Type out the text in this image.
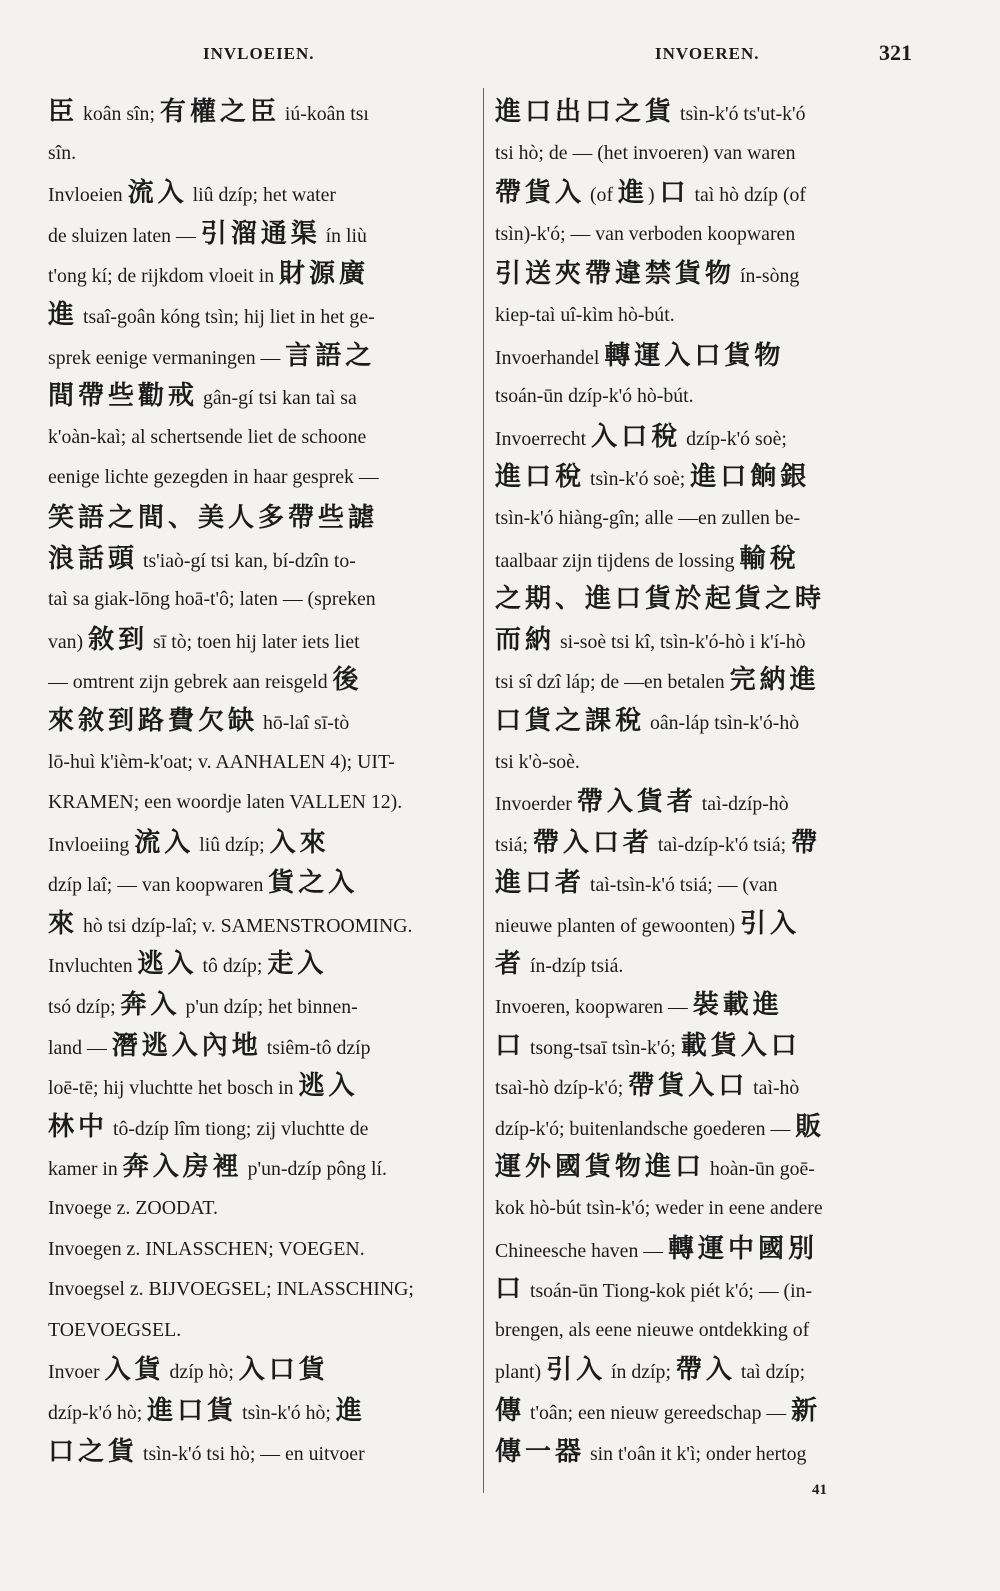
INVLOEIEN.	INVOEREN.	321
臣 koân sîn; 有權之臣 iú-koân tsı
sîn.
Invloeien 流入 liû dzíp; het water
de sluizen laten — 引溜通渠 ín liù
t'ong kí; de rijkdom vloeit in 財源廣
進 tsaî-goân kóng tsìn; hij liet in het ge-
sprek eenige vermaningen — 言語之
間帶些勸戒 gân-gí tsi kan taì sa
k'oàn-kaì; al schertsende liet de schoone
eenige lichte gezegden in haar gesprek —
笑語之間、美人多帶些謔
浪話頭 ts'iaò-gí tsi kan, bí-dzîn to-
taì sa giak-lōng hoā-t'ô; laten — (spreken
van) 敘到 sī tò; toen hij later iets liet
— omtrent zijn gebrek aan reisgeld 後
來敘到路費欠缺 hō-laî sī-tò
lō-huì k'ièm-k'oat; v. AANHALEN 4); UIT-
KRAMEN; een woordje laten VALLEN 12).
Invloeiing 流入 liû dzíp; 入來
dzíp laî; — van koopwaren 貨之入
來 hò tsi dzíp-laî; v. SAMENSTROOMING.
Invluchten 逃入 tô dzíp; 走入
tsó dzíp; 奔入 p'un dzíp; het binnen-
land — 潛逃入內地 tsiêm-tô dzíp
loē-tē; hij vluchtte het bosch in 逃入
林中 tô-dzíp lîm tiong; zij vluchtte de
kamer in 奔入房裡 p'un-dzíp pông lí.
Invoege z. ZOODAT.
Invoegen z. INLASSCHEN; VOEGEN.
Invoegsel z. BIJVOEGSEL; INLASSCHING;
TOEVOEGSEL.
Invoer 入貨 dzíp hò; 入口貨
dzíp-k'ó hò; 進口貨 tsìn-k'ó hò; 進
口之貨 tsìn-k'ó tsi hò; — en uitvoer
進口出口之貨 tsìn-k'ó ts'ut-k'ó
tsi hò; de — (het invoeren) van waren
帶貨入 (of 進) 口 taì hò dzíp (of
tsìn)-k'ó; — van verboden koopwaren
引送夾帶違禁貨物 ín-sòng
kiep-taì uî-kìm hò-bút.
Invoerhandel 轉運入口貨物
tsoán-ūn dzíp-k'ó hò-bút.
Invoerrecht 入口稅 dzíp-k'ó soè;
進口稅 tsìn-k'ó soè; 進口餉銀
tsìn-k'ó hiàng-gîn; alle —en zullen be-
taalbaar zijn tijdens de lossing 輸稅
之期、進口貨於起貨之時
而納 si-soè tsi kî, tsìn-k'ó-hò i k'í-hò
tsi sî dzî láp; de —en betalen 完納進
口貨之課稅 oân-láp tsìn-k'ó-hò
tsi k'ò-soè.
Invoerder 帶入貨者 taì-dzíp-hò
tsiá; 帶入口者 taì-dzíp-k'ó tsiá; 帶
進口者 taì-tsìn-k'ó tsiá; — (van
nieuwe planten of gewoonten) 引入
者 ín-dzíp tsiá.
Invoeren, koopwaren — 裝載進
口 tsong-tsaī tsìn-k'ó; 載貨入口
tsaì-hò dzíp-k'ó; 帶貨入口 taì-hò
dzíp-k'ó; buitenlandsche goederen — 販
運外國貨物進口 hoàn-ūn goē-
kok hò-bút tsìn-k'ó; weder in eene andere
Chineesche haven — 轉運中國別
口 tsoán-ūn Tiong-kok piét k'ó; — (in-
brengen, als eene nieuwe ontdekking of
plant) 引入 ín dzíp; 帶入 taì dzíp;
傳 t'oân; een nieuw gereedschap — 新
傳一器 sin t'oân it k'ì; onder hertog
41
